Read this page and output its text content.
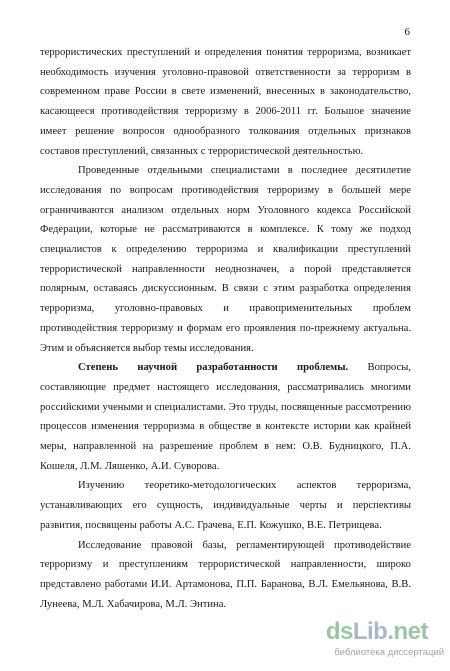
6

террористических преступлений и определения понятия терроризма, возникает необходимость изучения уголовно-правовой ответственности за терроризм в современном праве России в свете изменений, внесенных в законодательство, касающееся противодействия терроризму в 2006-2011 гг. Большое значение имеет решение вопросов однообразного толкования отдельных признаков составов преступлений, связанных с террористической деятельностью.

Проведенные отдельными специалистами в последнее десятилетие исследования по вопросам противодействия терроризму в большей мере ограничиваются анализом отдельных норм Уголовного кодекса Российской Федерации, которые не рассматриваются в комплексе. К тому же подход специалистов к определению терроризма и квалификации преступлений террористической направленности неоднозначен, а порой представляется полярным, оставаясь дискуссионным. В связи с этим разработка определения терроризма, уголовно-правовых и правоприменительных проблем противодействия терроризму и формам его проявления по-прежнему актуальна. Этим и объясняется выбор темы исследования.

Степень научной разработанности проблемы. Вопросы, составляющие предмет настоящего исследования, рассматривались многими российскими учеными и специалистами. Это труды, посвященные рассмотрению процессов изменения терроризма в обществе в контексте истории как крайней меры, направленной на разрешение проблем в нем: О.В. Будницкого, П.А. Кошеля, Л.М. Ляшенко, А.И. Суворова.

Изучению теоретико-методологических аспектов терроризма, устанавливающих его сущность, индивидуальные черты и перспективы развития, посвящены работы А.С. Грачева, Е.П. Кожушко, В.Е. Петрищева.

Исследование правовой базы, регламентирующей противодействие терроризму и преступлениям террористической направленности, широко представлено работами И.И. Артамонова, П.П. Баранова, В.Л. Емельянова, В.В. Лунеева, М.Л. Хабачирова, М.Л. Энтина.

dsLib.net
библиотека диссертаций
